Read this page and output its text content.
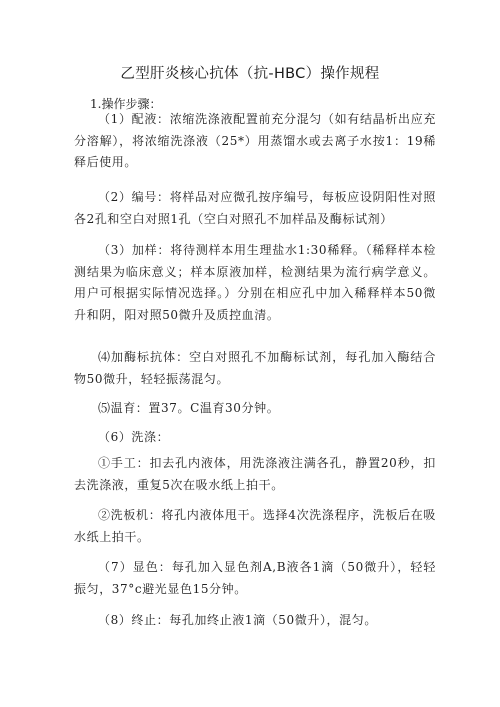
乙型肝炎核心抗体（抗-HBC）操作规程
1.操作步骤：

（1）配液：浓缩洗涤液配置前充分混匀（如有结晶析出应充分溶解），将浓缩洗涤液（25*）用蒸馏水或去离子水按1：19稀释后使用。

（2）编号：将样品对应微孔按序编号，每板应设阴阳性对照各2孔和空白对照1孔（空白对照孔不加样品及酶标试剂）

（3）加样：将待测样本用生理盐水1:30稀释。（稀释样本检测结果为临床意义；样本原液加样，检测结果为流行病学意义。用户可根据实际情况选择。）分别在相应孔中加入稀释样本50微升和阴，阳对照50微升及质控血清。

⑷加酶标抗体：空白对照孔不加酶标试剂，每孔加入酶结合物50微升，轻轻振荡混匀。

⑸温育：置37。C温育30分钟。

（6）洗涤：

①手工：扣去孔内液体，用洗涤液注满各孔，静置20秒，扣去洗涤液，重复5次在吸水纸上拍干。

②洗板机：将孔内液体甩干。选择4次洗涤程序，洗板后在吸水纸上拍干。

（7）显色：每孔加入显色剂A,B液各1滴（50微升），轻轻振匀，37°c避光显色15分钟。

（8）终止：每孔加终止液1滴（50微升），混匀。
